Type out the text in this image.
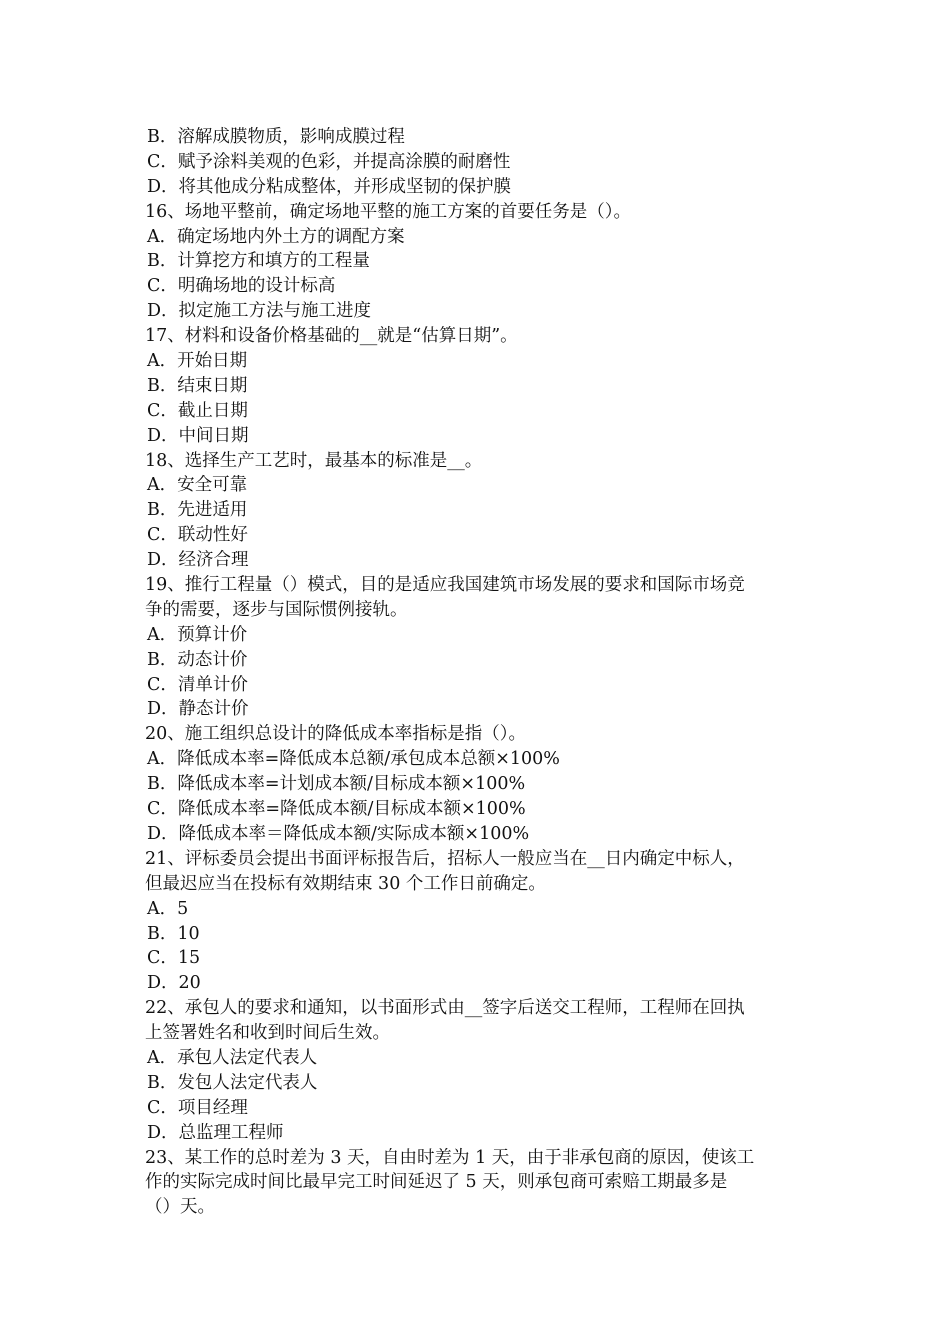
B．溶解成膜物质，影响成膜过程
C．赋予涂料美观的色彩，并提高涂膜的耐磨性
D．将其他成分粘成整体，并形成坚韧的保护膜
16、场地平整前，确定场地平整的施工方案的首要任务是（）。
A．确定场地内外土方的调配方案
B．计算挖方和填方的工程量
C．明确场地的设计标高
D．拟定施工方法与施工进度
17、材料和设备价格基础的__就是“估算日期”。
A．开始日期
B．结束日期
C．截止日期
D．中间日期
18、选择生产工艺时，最基本的标准是__。
A．安全可靠
B．先进适用
C．联动性好
D．经济合理
19、推行工程量（）模式，目的是适应我国建筑市场发展的要求和国际市场竞
争的需要，逐步与国际惯例接轨。
A．预算计价
B．动态计价
C．清单计价
D．静态计价
20、施工组织总设计的降低成本率指标是指（）。
A．降低成本率=降低成本总额/承包成本总额×100%
B．降低成本率=计划成本额/目标成本额×100%
C．降低成本率=降低成本额/目标成本额×100%
D．降低成本率＝降低成本额/实际成本额×100%
21、评标委员会提出书面评标报告后，招标人一般应当在__日内确定中标人，
但最迟应当在投标有效期结束 30 个工作日前确定。
A．5
B．10
C．15
D．20
22、承包人的要求和通知，以书面形式由__签字后送交工程师，工程师在回执
上签署姓名和收到时间后生效。
A．承包人法定代表人
B．发包人法定代表人
C．项目经理
D．总监理工程师
23、某工作的总时差为 3 天，自由时差为 1 天，由于非承包商的原因，使该工
作的实际完成时间比最早完工时间延迟了 5 天，则承包商可索赔工期最多是
（）天。
